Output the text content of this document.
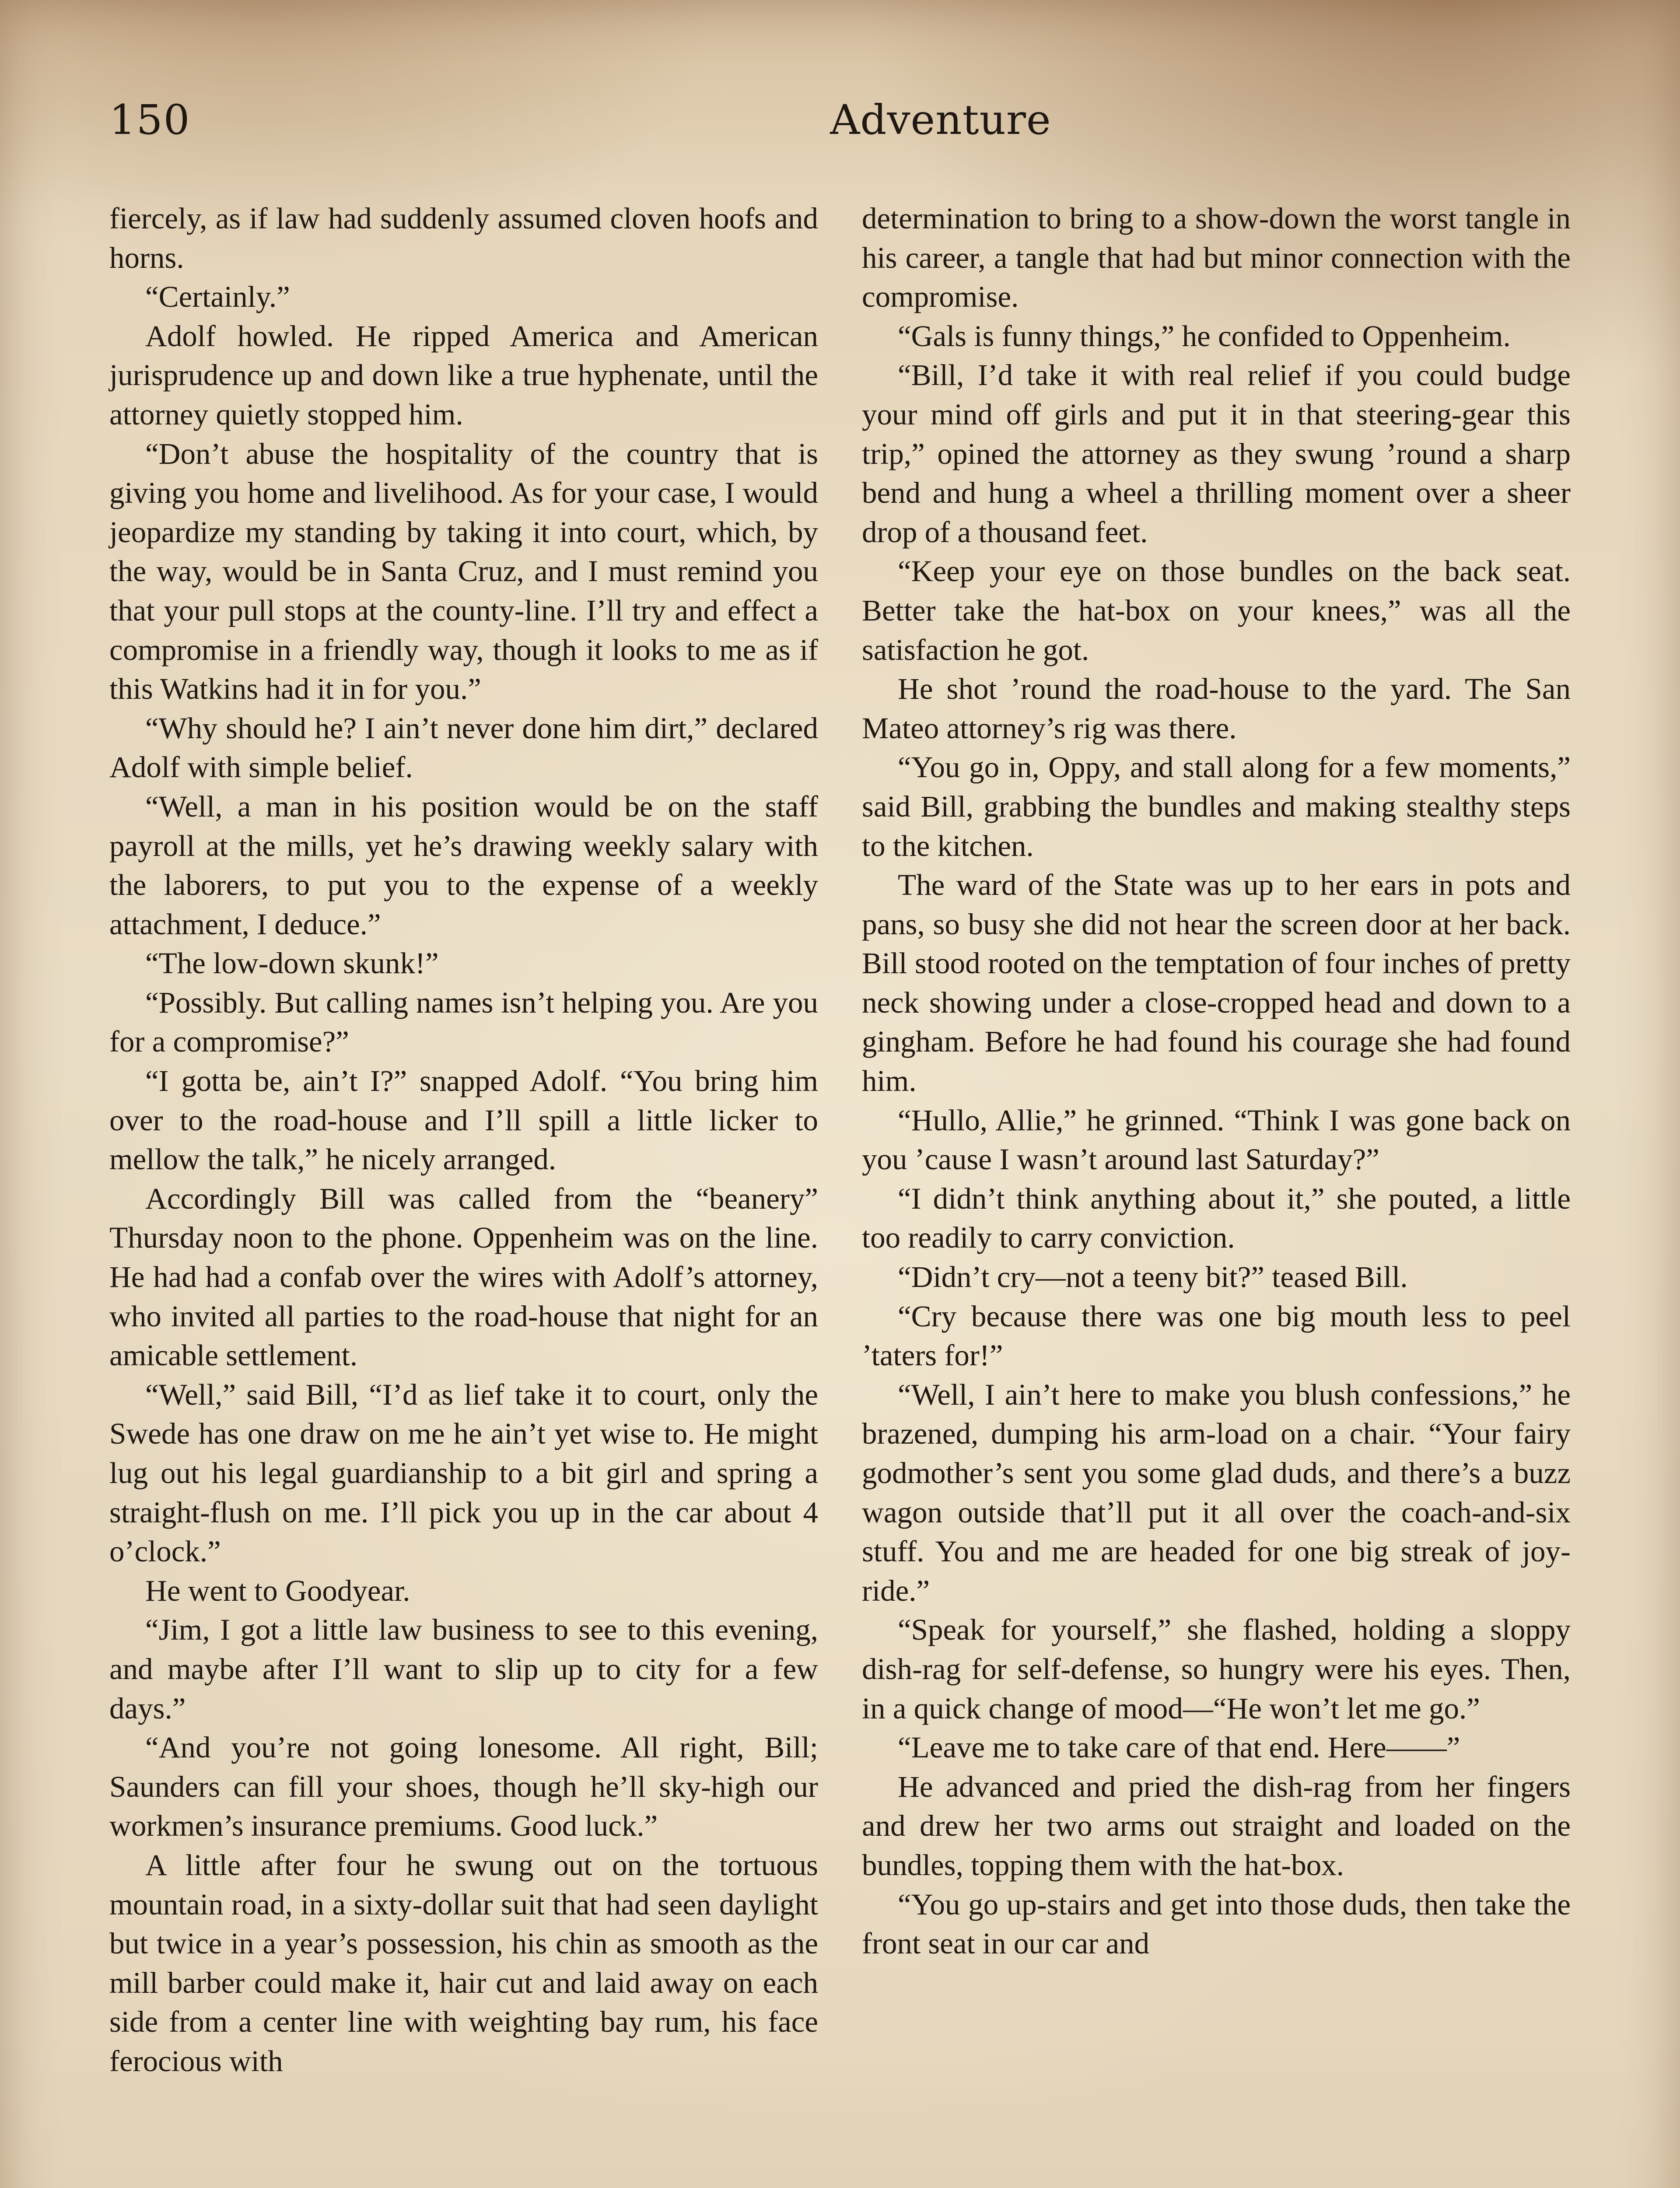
150	Adventure

fiercely, as if law had suddenly assumed cloven hoofs and horns.

“Certainly.”

Adolf howled. He ripped America and American jurisprudence up and down like a true hyphenate, until the attorney quietly stopped him.

“Don’t abuse the hospitality of the country that is giving you home and livelihood. As for your case, I would jeopardize my standing by taking it into court, which, by the way, would be in Santa Cruz, and I must remind you that your pull stops at the county-line. I’ll try and effect a compromise in a friendly way, though it looks to me as if this Watkins had it in for you.”

“Why should he? I ain’t never done him dirt,” declared Adolf with simple belief.

“Well, a man in his position would be on the staff payroll at the mills, yet he’s drawing weekly salary with the laborers, to put you to the expense of a weekly attachment, I deduce.”

“The low-down skunk!”

“Possibly. But calling names isn’t helping you. Are you for a compromise?”

“I gotta be, ain’t I?” snapped Adolf. “You bring him over to the road-house and I’ll spill a little licker to mellow the talk,” he nicely arranged.

Accordingly Bill was called from the “beanery” Thursday noon to the phone. Oppenheim was on the line. He had had a confab over the wires with Adolf’s attorney, who invited all parties to the road-house that night for an amicable settlement.

“Well,” said Bill, “I’d as lief take it to court, only the Swede has one draw on me he ain’t yet wise to. He might lug out his legal guardianship to a bit girl and spring a straight-flush on me. I’ll pick you up in the car about 4 o’clock.”

He went to Goodyear.

“Jim, I got a little law business to see to this evening, and maybe after I’ll want to slip up to city for a few days.”

“And you’re not going lonesome. All right, Bill; Saunders can fill your shoes, though he’ll sky-high our workmen’s insurance premiums. Good luck.”

A little after four he swung out on the tortuous mountain road, in a sixty-dollar suit that had seen daylight but twice in a year’s possession, his chin as smooth as the mill barber could make it, hair cut and laid away on each side from a center line with weighting bay rum, his face ferocious with

determination to bring to a show-down the worst tangle in his career, a tangle that had but minor connection with the compromise.

“Gals is funny things,” he confided to Oppenheim.

“Bill, I’d take it with real relief if you could budge your mind off girls and put it in that steering-gear this trip,” opined the attorney as they swung ’round a sharp bend and hung a wheel a thrilling moment over a sheer drop of a thousand feet.

“Keep your eye on those bundles on the back seat. Better take the hat-box on your knees,” was all the satisfaction he got.

He shot ’round the road-house to the yard. The San Mateo attorney’s rig was there.

“You go in, Oppy, and stall along for a few moments,” said Bill, grabbing the bundles and making stealthy steps to the kitchen.

The ward of the State was up to her ears in pots and pans, so busy she did not hear the screen door at her back. Bill stood rooted on the temptation of four inches of pretty neck showing under a close-cropped head and down to a gingham. Before he had found his courage she had found him.

“Hullo, Allie,” he grinned. “Think I was gone back on you ’cause I wasn’t around last Saturday?”

“I didn’t think anything about it,” she pouted, a little too readily to carry conviction.

“Didn’t cry—not a teeny bit?” teased Bill.

“Cry because there was one big mouth less to peel ’taters for!”

“Well, I ain’t here to make you blush confessions,” he brazened, dumping his arm-load on a chair. “Your fairy godmother’s sent you some glad duds, and there’s a buzz wagon outside that’ll put it all over the coach-and-six stuff. You and me are headed for one big streak of joy-ride.”

“Speak for yourself,” she flashed, holding a sloppy dish-rag for self-defense, so hungry were his eyes. Then, in a quick change of mood—“He won’t let me go.”

“Leave me to take care of that end. Here——”

He advanced and pried the dish-rag from her fingers and drew her two arms out straight and loaded on the bundles, topping them with the hat-box.

“You go up-stairs and get into those duds, then take the front seat in our car and
